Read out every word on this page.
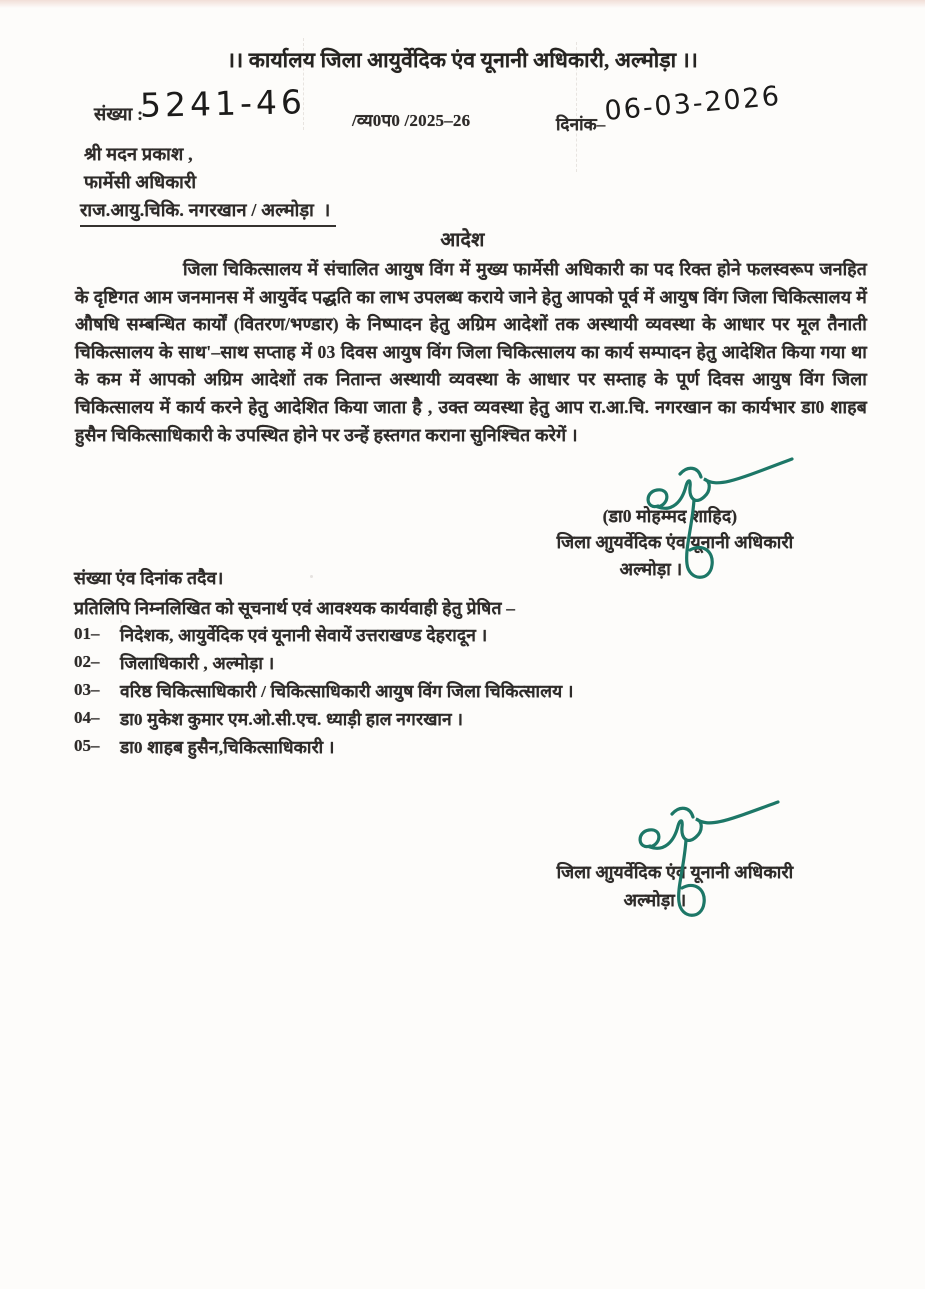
।। कार्यालय जिला आयुर्वेदिक एंव यूनानी अधिकारी, अल्मोड़ा ।।
संख्या :
5241-46	/व्य0प0 /2025–26	दिनांक–
06-03-2026
श्री मदन प्रकाश ,
फार्मेसी अधिकारी
राज.आयु.चिकि. नगरखान / अल्मोड़ा  ।
आदेश
जिला चिकित्सालय में संचालित आयुष विंग में मुख्य फार्मेसी अधिकारी का पद रिक्त होने फलस्वरूप जनहित के दृष्टिगत आम जनमानस में आयुर्वेद पद्धति का लाभ उपलब्ध कराये जाने हेतु आपको पूर्व में आयुष विंग जिला चिकित्सालय में औषधि सम्बन्धित कार्यों (वितरण/भण्डार) के निष्पादन हेतु अग्रिम आदेशों तक अस्थायी व्यवस्था के आधार पर मूल तैनाती चिकित्सालय के साथ'–साथ सप्ताह में 03 दिवस आयुष विंग जिला चिकित्सालय का कार्य सम्पादन हेतु आदेशित किया गया था के कम में आपको अग्रिम आदेशों तक नितान्त अस्थायी व्यवस्था के आधार पर सम्ताह के पूर्ण दिवस आयुष विंग जिला चिकित्सालय में कार्य करने हेतु आदेशित किया जाता है , उक्त व्यवस्था हेतु आप रा.आ.चि. नगरखान का कार्यभार डा0 शाहब हुसैन चिकित्साधिकारी के उपस्थित होने पर उन्हें हस्तगत कराना सुनिश्चित करेगें ।
(डा0 मोहम्मद शाहिद)
जिला आुयर्वेदिक एंव यूनानी अधिकारी
अल्मोड़ा ।
संख्या एंव दिनांक तदैव।
प्रतिलिपि निम्नलिखित को सूचनार्थ एवं आवश्यक कार्यवाही हेतु प्रेषित –
01–	निदेशक, आयुर्वेदिक एवं यूनानी सेवायें उत्तराखण्ड देहरादून ।
02–	जिलाधिकारी , अल्मोड़ा ।
03–	वरिष्ठ चिकित्साधिकारी / चिकित्साधिकारी आयुष विंग जिला चिकित्सालय ।
04–	डा0 मुकेश कुमार एम.ओ.सी.एच. ध्याड़ी हाल नगरखान ।
05–	डा0 शाहब हुसैन,चिकित्साधिकारी ।
जिला आुयर्वेदिक एंव यूनानी अधिकारी
अल्मोड़ा ।
